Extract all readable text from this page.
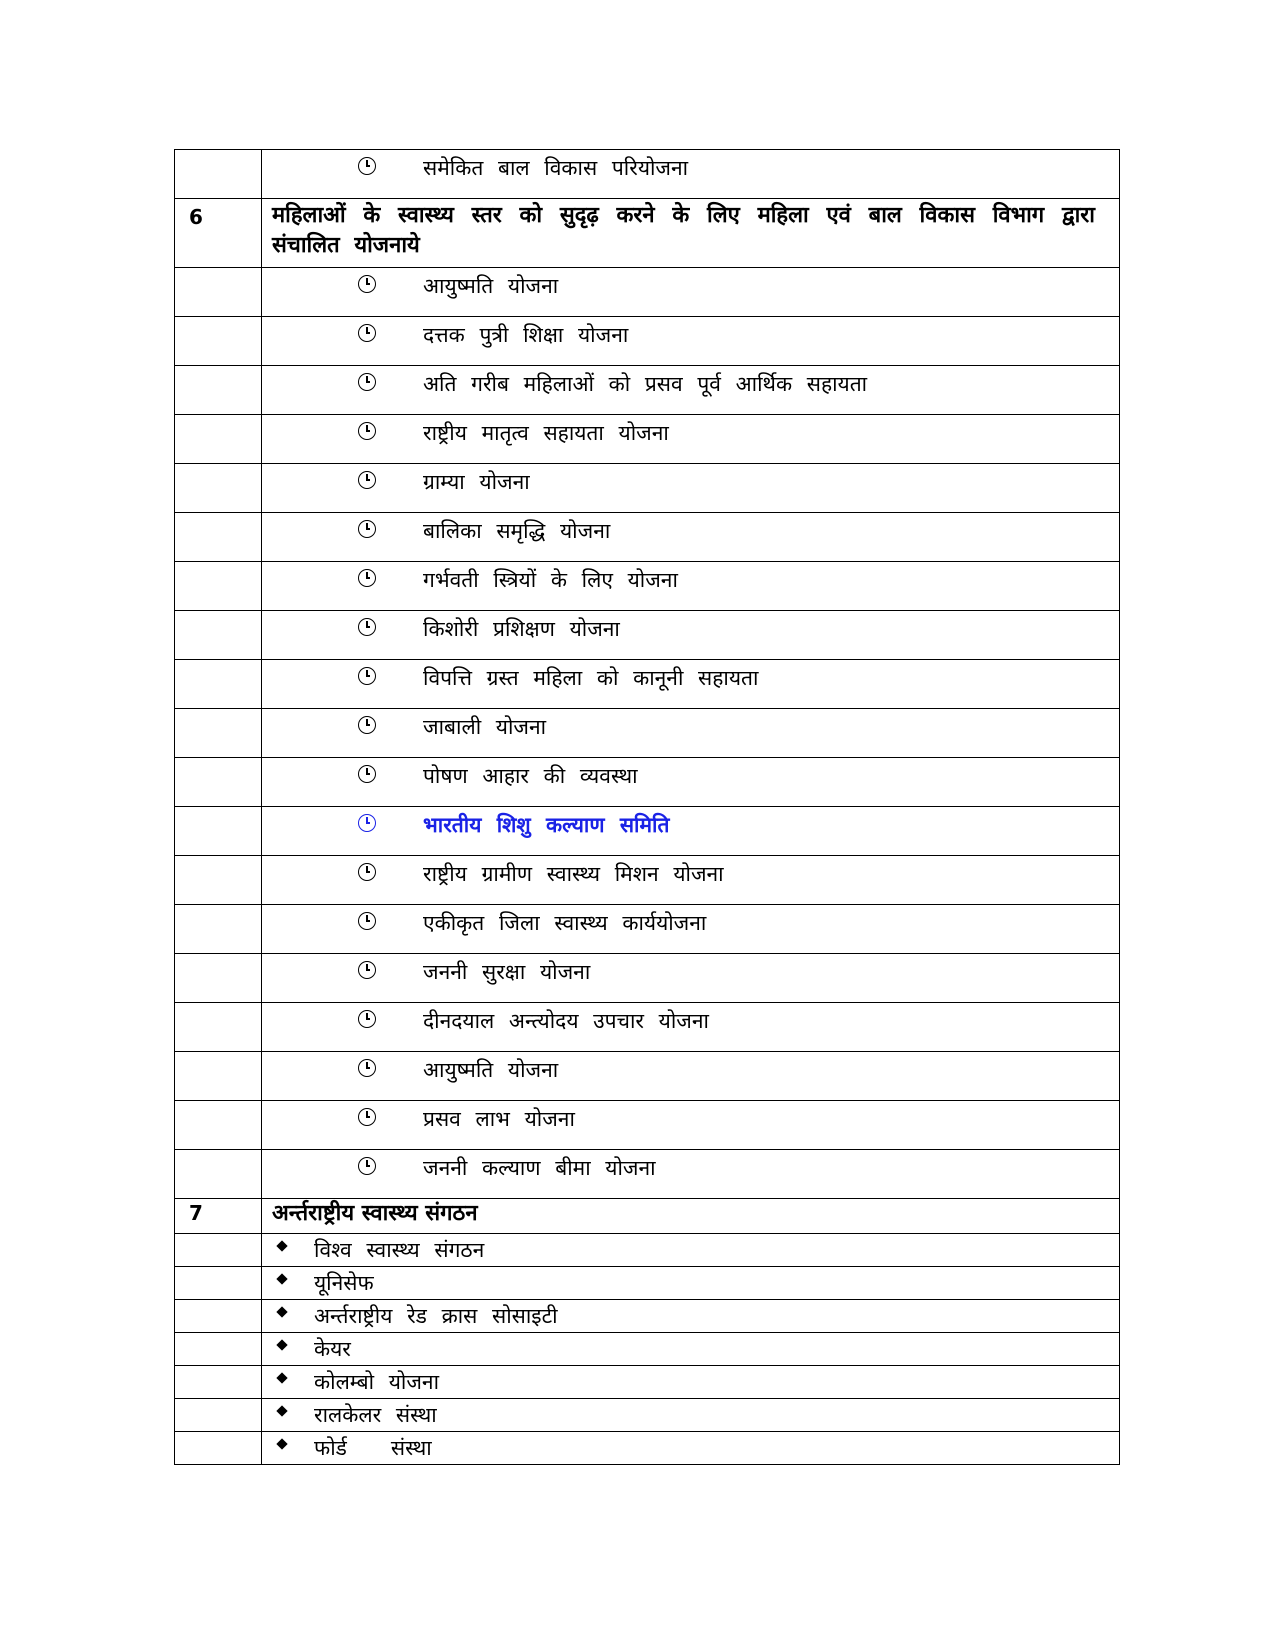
	समेकित बाल विकास परियोजना

6	महिलाओं के स्वास्थ्य स्तर को सुदृढ़ करने के लिए महिला एवं बाल विकास विभाग द्वारा संचालित योजनाये

	आयुष्मति योजना

	दत्तक पुत्री शिक्षा योजना

	अति गरीब महिलाओं को प्रसव पूर्व आर्थिक सहायता

	राष्ट्रीय मातृत्व सहायता योजना

	ग्राम्या योजना

	बालिका समृद्धि योजना

	गर्भवती स्त्रियों के लिए योजना

	किशोरी प्रशिक्षण योजना

	विपत्ति ग्रस्त महिला को कानूनी सहायता

	जाबाली योजना

	पोषण आहार की व्यवस्था

	भारतीय शिशु कल्याण समिति

	राष्ट्रीय ग्रामीण स्वास्थ्य मिशन योजना

	एकीकृत जिला स्वास्थ्य कार्ययोजना

	जननी सुरक्षा योजना

	दीनदयाल अन्त्योदय उपचार योजना

	आयुष्मति योजना

	प्रसव लाभ योजना

	जननी कल्याण बीमा योजना

7	अर्न्तराष्ट्रीय स्वास्थ्य संगठन

	विश्व स्वास्थ्य संगठन

	यूनिसेफ

	अर्न्तराष्ट्रीय रेड क्रास सोसाइटी

	केयर

	कोलम्बो योजना

	रालकेलर संस्था

	फोर्ड   संस्था
